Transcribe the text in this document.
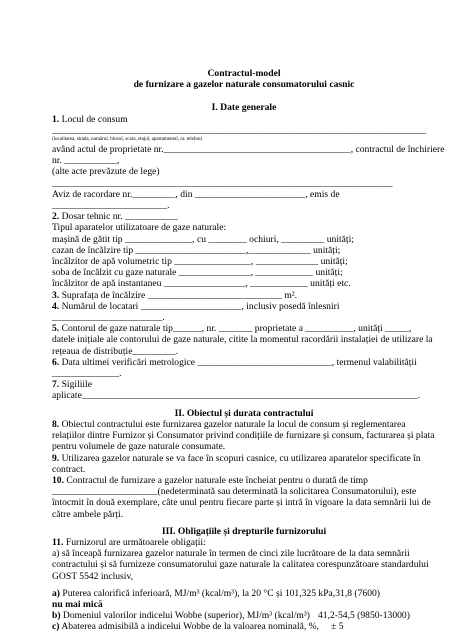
Contractul-model

de furnizare a gazelor naturale consumatorului casnic

I. Date generale

1. Locul de consum

______________________________________________________________________________

(localitatea, strada, numărul, blocul, scara, etajul, apartamentul, nr. telefon)

având actul de proprietate nr._______________________________________, contractul de închiriere

nr. ___________,

(alte acte prevăzute de lege)

_______________________________________________________________________

Aviz de racordare nr._________, din _______________________, emis de

________________________.

2. Dosar tehnic nr. ___________

Tipul aparatelor utilizatoare de gaze naturale:

mașină de gătit tip ______________, cu ________ ochiuri, _________ unități;

cazan de încălzire tip _______________________,_____________ unități;

încălzitor de apă volumetric tip ________________, _____________ unități;

soba de încălzit cu gaze naturale _______________, ____________ unități;

încălzitor de apă instantaneu _________________, ____________ unități etc.

3. Suprafața de încălzire ____________________________ m².

4. Numărul de locatari _____________________, inclusiv posedă înlesniri

_______________________.

5. Contorul de gaze naturale tip______, nr. _______ proprietate a __________, unități _____,

datele inițiale ale contorului de gaze naturale, citite la momentul racordării instalației de utilizare la rețeaua de distribuție_________.

6. Data ultimei verificări metrologice ____________________________, termenul valabilității

______________.

7. Sigiliile

aplicate______________________________________________________________________.

II. Obiectul și durata contractului

8. Obiectul contractului este furnizarea gazelor naturale la locul de consum și reglementarea relațiilor dintre Furnizor și Consumator privind condițiile de furnizare și consum, facturarea și plata pentru volumele de gaze naturale consumate.

9. Utilizarea gazelor naturale se va face în scopuri casnice, cu utilizarea aparatelor specificate în contract.

10. Contractul de furnizare a gazelor naturale este încheiat pentru o durată de timp ______________________(nedeterminată sau determinată la solicitarea Consumatorului), este întocmit în două exemplare, câte unul pentru fiecare parte și intră în vigoare la data semnării lui de către ambele părți.

III. Obligațiile și drepturile furnizorului

11. Furnizorul are următoarele obligații:

a) să înceapă furnizarea gazelor naturale în termen de cinci zile lucrătoare de la data semnării contractului și să furnizeze consumatorului gaze naturale la calitatea corespunzătoare standardului GOST 5542 inclusiv,

a) Puterea calorifică inferioară, MJ/m³ (kcal/m³), la 20 °C și 101,325 kPa, 31,8 (7600)

nu mai mică

b) Domeniul valorilor indicelui Wobbe (superior), MJ/m³ (kcal/m³) 41,2-54,5 (9850-13000)
c) Abaterea admisibilă a indicelui Wobbe de la valoarea nominală, %,	± 5
